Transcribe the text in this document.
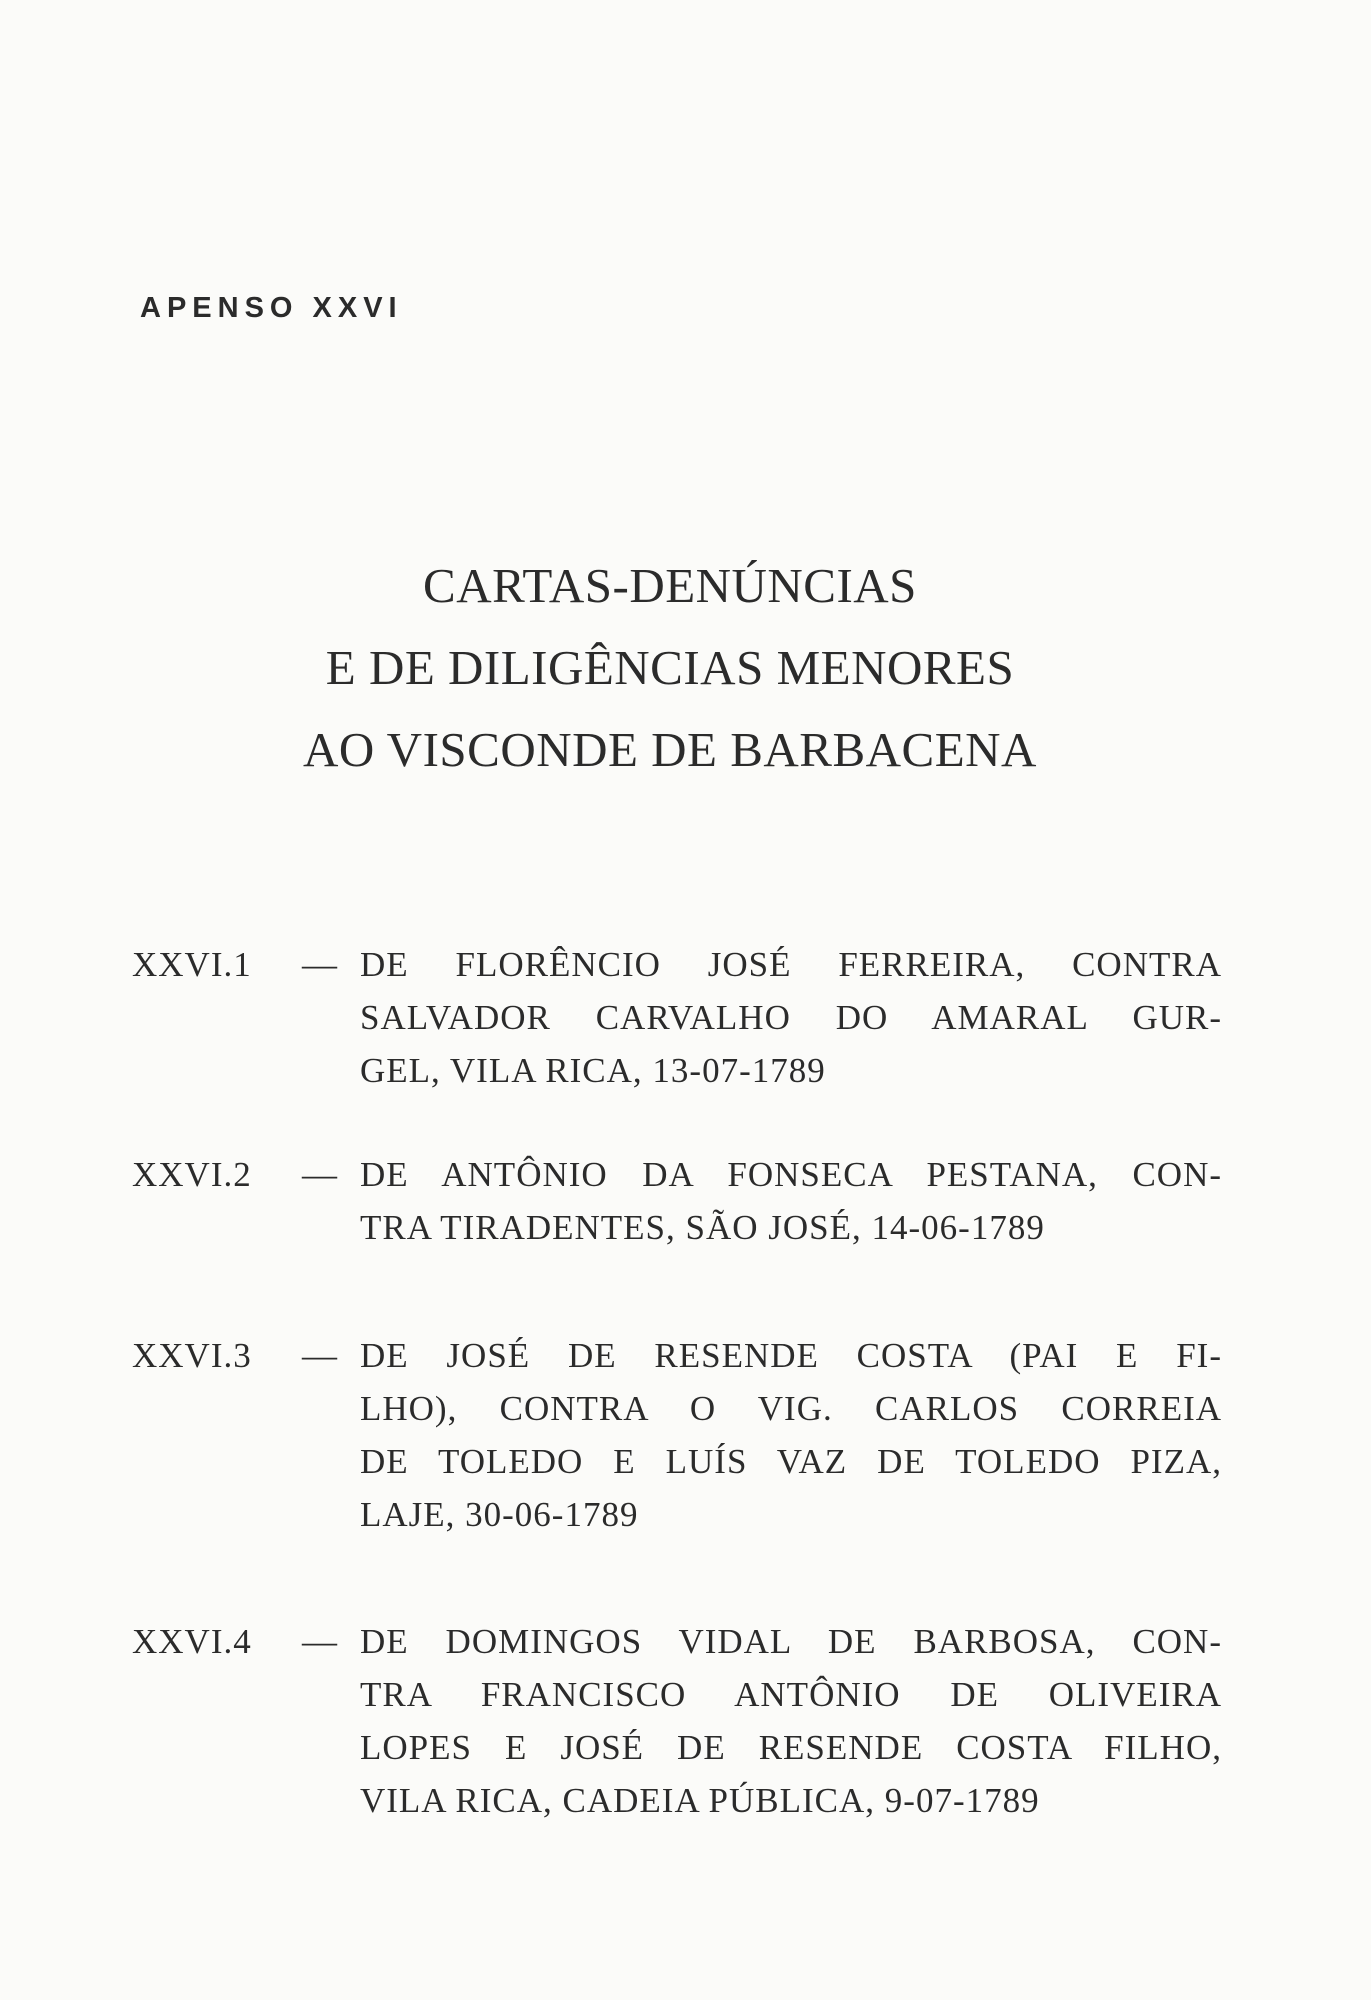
APENSO XXVI
CARTAS-DENÚNCIAS
E DE DILIGÊNCIAS MENORES
AO VISCONDE DE BARBACENA
XXVI.1 — DE FLORÊNCIO JOSÉ FERREIRA, CONTRA
SALVADOR CARVALHO DO AMARAL GUR-
GEL, VILA RICA, 13-07-1789
XXVI.2 — DE ANTÔNIO DA FONSECA PESTANA, CON-
TRA TIRADENTES, SÃO JOSÉ, 14-06-1789
XXVI.3 — DE JOSÉ DE RESENDE COSTA (PAI E FI-
LHO), CONTRA O VIG. CARLOS CORREIA
DE TOLEDO E LUÍS VAZ DE TOLEDO PIZA,
LAJE, 30-06-1789
XXVI.4 — DE DOMINGOS VIDAL DE BARBOSA, CON-
TRA FRANCISCO ANTÔNIO DE OLIVEIRA
LOPES E JOSÉ DE RESENDE COSTA FILHO,
VILA RICA, CADEIA PÚBLICA, 9-07-1789
